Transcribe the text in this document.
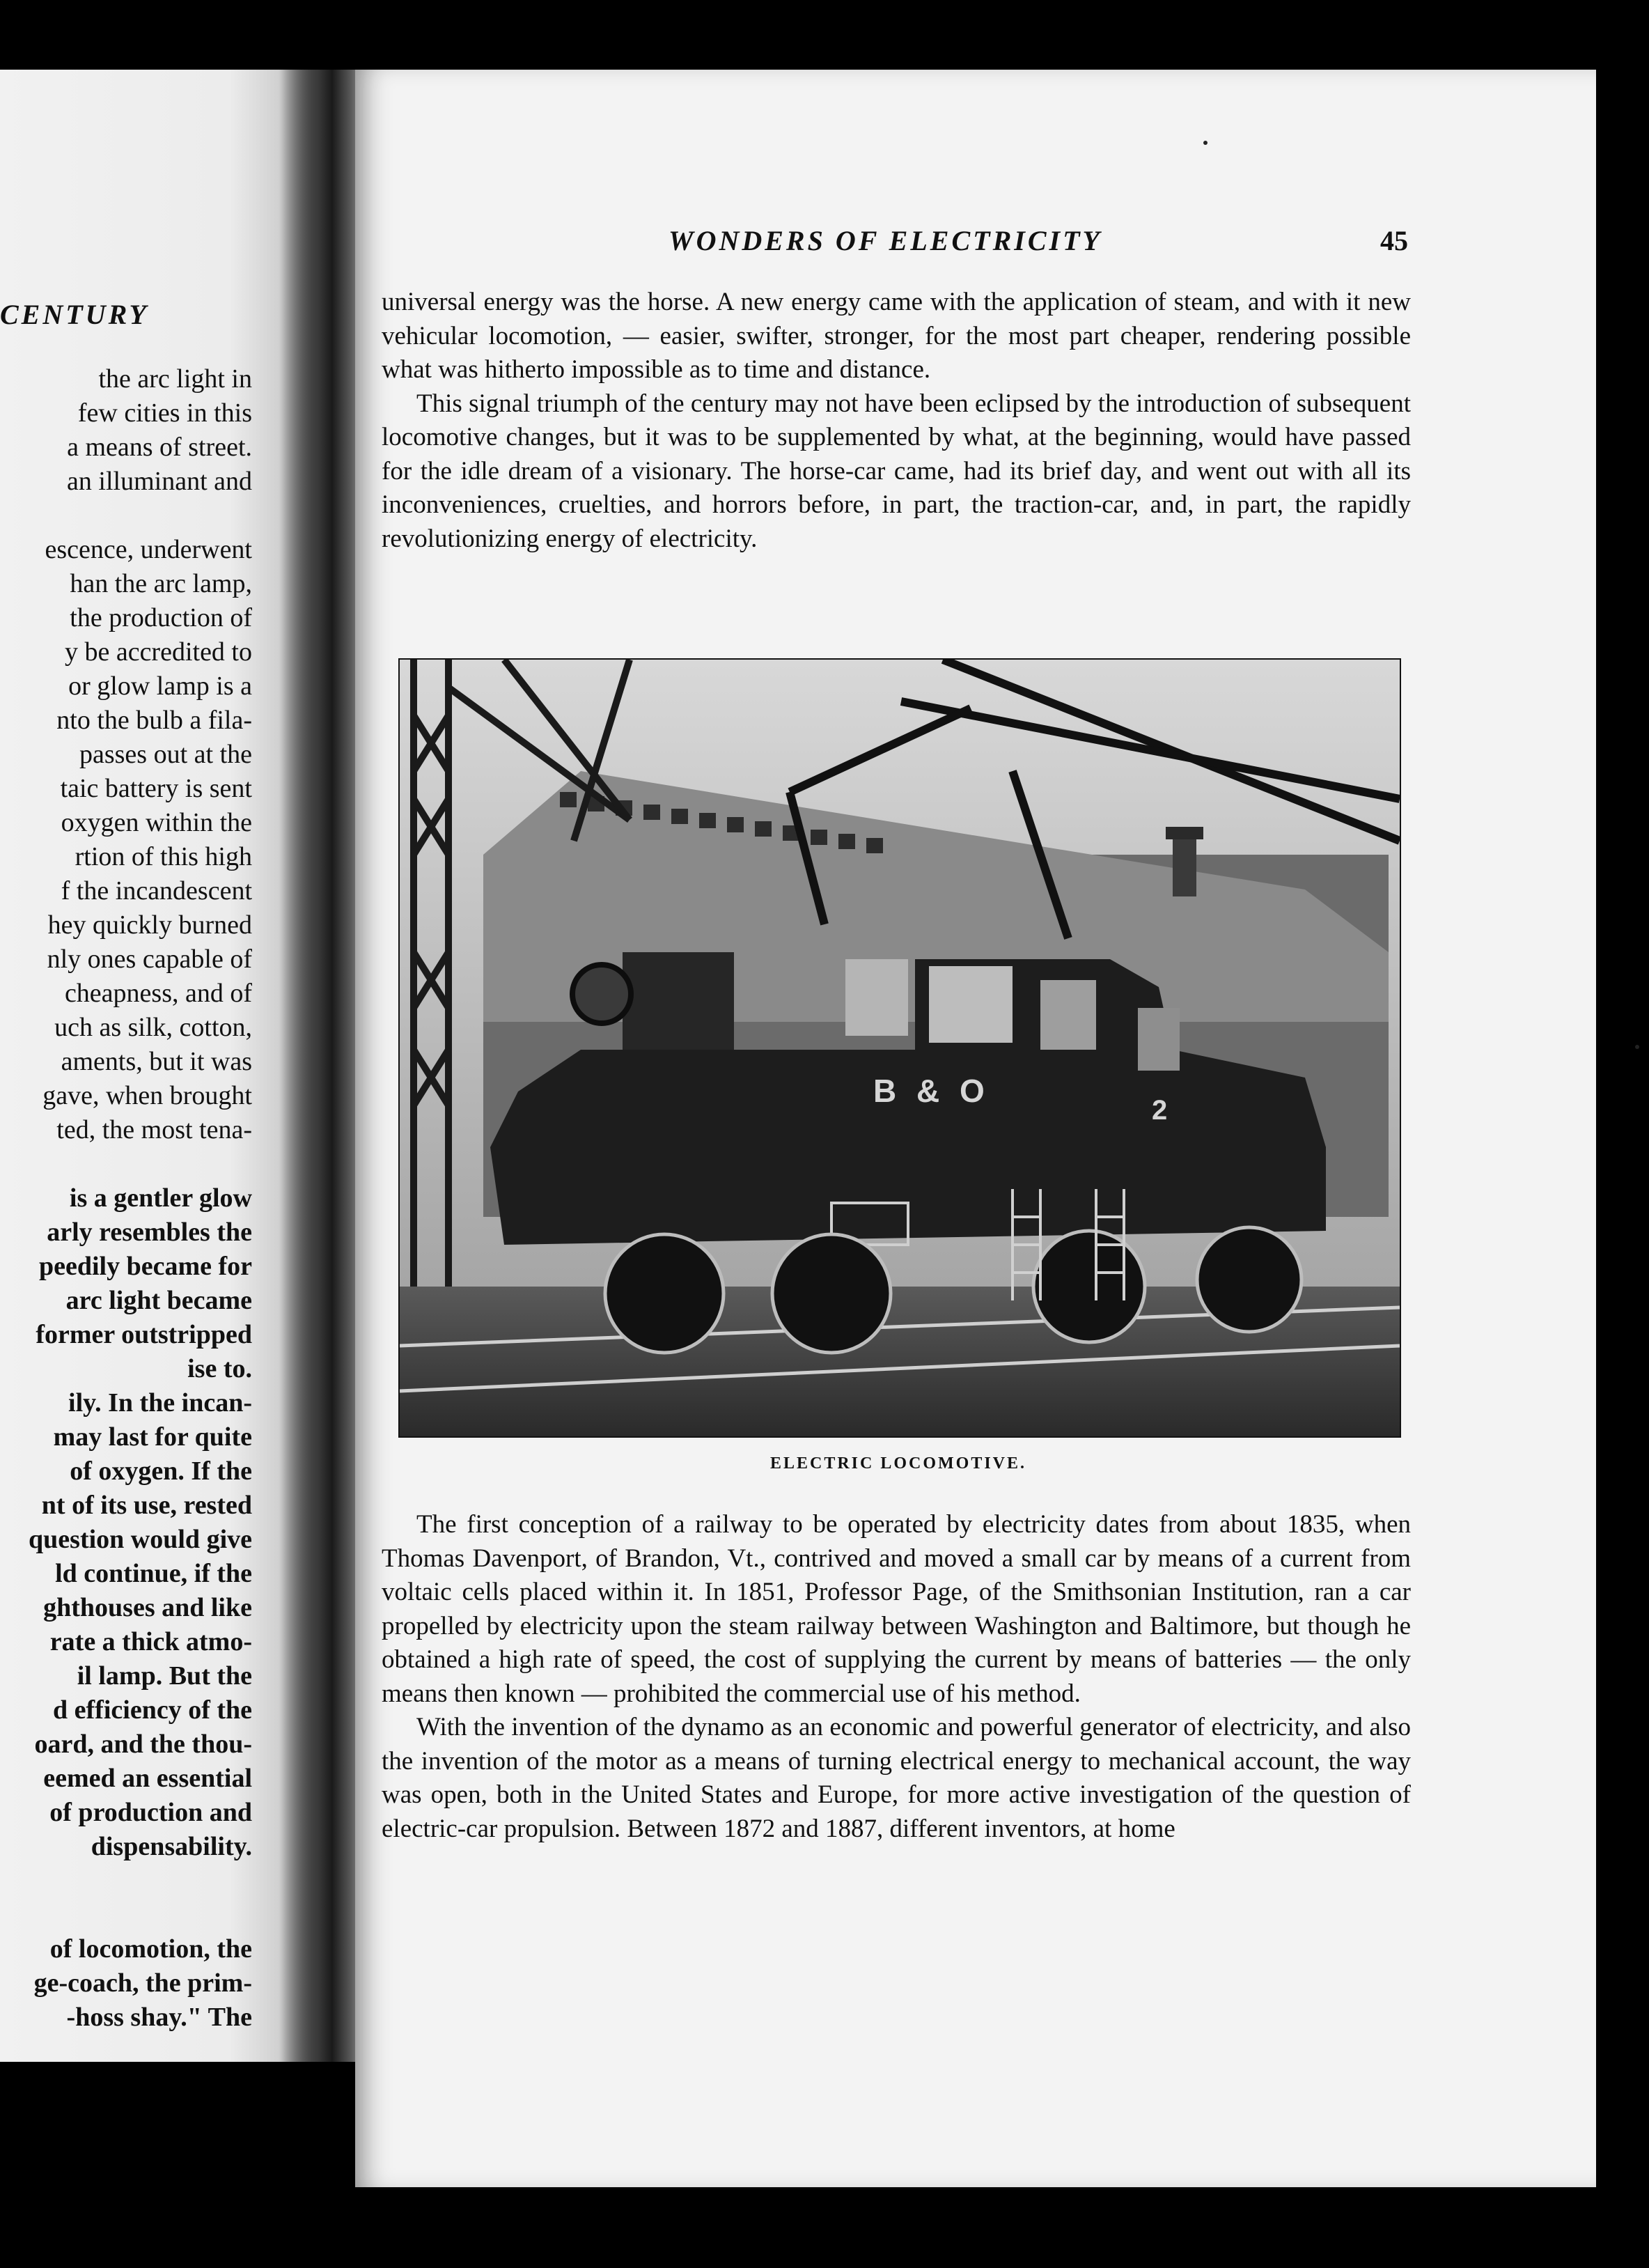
CENTURY
the arc light in
few cities in this
a means of street.
an illuminant and
escence, underwent
han the arc lamp,
the production of
y be accredited to
or glow lamp is a
nto the bulb a fila-
passes out at the
taic battery is sent
oxygen within the
rtion of this high
f the incandescent
hey quickly burned
nly ones capable of
cheapness, and of
uch as silk, cotton,
aments, but it was
gave, when brought
ted, the most tena-
is a gentler glow
arly resembles the
peedily became for
arc light became
former outstripped
ise to.
ily. In the incan-
may last for quite
of oxygen. If the
nt of its use, rested
question would give
ld continue, if the
ghthouses and like
rate a thick atmo-
il lamp. But the
d efficiency of the
oard, and the thou-
eemed an essential
of production and
dispensability.
of locomotion, the
ge-coach, the prim-
-hoss shay." The
WONDERS OF ELECTRICITY	45

universal energy was the horse. A new energy came with the application of steam, and with it new vehicular locomotion, — easier, swifter, stronger, for the most part cheaper, rendering possible what was hitherto impossible as to time and distance.

This signal triumph of the century may not have been eclipsed by the introduction of subsequent locomotive changes, but it was to be supplemented by what, at the beginning, would have passed for the idle dream of a visionary. The horse-car came, had its brief day, and went out with all its inconveniences, cruelties, and horrors before, in part, the traction-car, and, in part, the rapidly revolutionizing energy of electricity.

B & O
2
ELECTRIC LOCOMOTIVE.

The first conception of a railway to be operated by electricity dates from about 1835, when Thomas Davenport, of Brandon, Vt., contrived and moved a small car by means of a current from voltaic cells placed within it. In 1851, Professor Page, of the Smithsonian Institution, ran a car propelled by electricity upon the steam railway between Washington and Baltimore, but though he obtained a high rate of speed, the cost of supplying the current by means of batteries — the only means then known — prohibited the commercial use of his method.

With the invention of the dynamo as an economic and powerful generator of electricity, and also the invention of the motor as a means of turning electrical energy to mechanical account, the way was open, both in the United States and Europe, for more active investigation of the question of electric-car propulsion. Between 1872 and 1887, different inventors, at home
